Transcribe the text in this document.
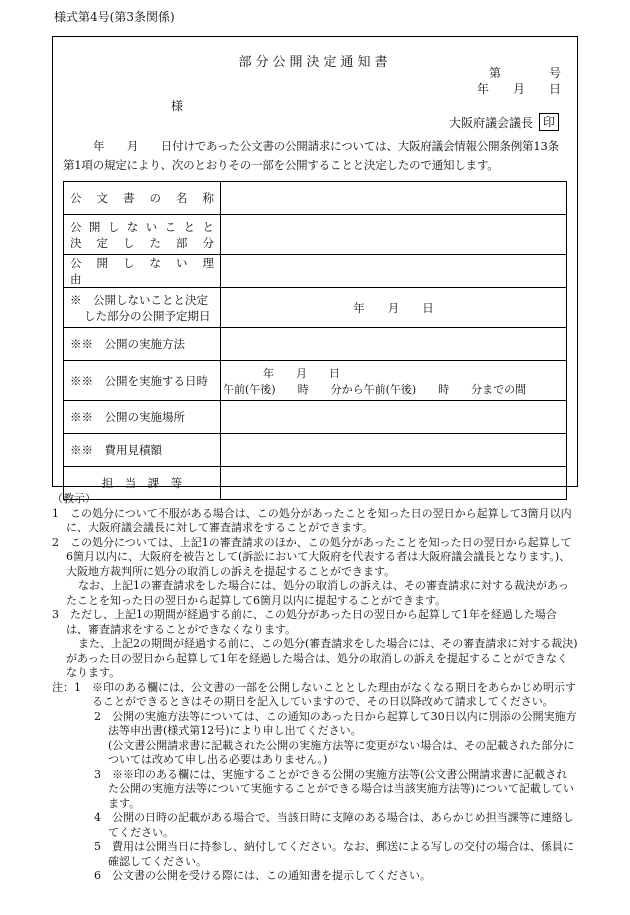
様式第4号(第3条関係)
部分公開決定通知書
第　　　　号
年　　月　　日
様
大阪府議会議長 印

年　　月　　日付けであった公文書の公開請求については、大阪府議会情報公開条例第13条第1項の規定により、次のとおりその一部を公開することと決定したので通知します。

公　文　書　の　名　称	

公開しないことと
決　定　し　た　部　分	

公　開　し　な　い　理　由	

※　公開しないことと決定
した部分の公開予定期日	年　　月　　日
※※　公開の実施方法	
※※　公開を実施する日時	年　　月　　日
午前(午後)　　時　　分から午前(午後)　　時　　分までの間

※※　公開の実施場所	
※※　費用見積額	
担　当　課　等	

（教示）

1　この処分について不服がある場合は、この処分があったことを知った日の翌日から起算して3箇月以内に、大阪府議会議長に対して審査請求をすることができます。

2　この処分については、上記1の審査請求のほか、この処分があったことを知った日の翌日から起算して6箇月以内に、大阪府を被告として(訴訟において大阪府を代表する者は大阪府議会議長となります。)、大阪地方裁判所に処分の取消しの訴えを提起することができます。

なお、上記1の審査請求をした場合には、処分の取消しの訴えは、その審査請求に対する裁決があったことを知った日の翌日から起算して6箇月以内に提起することができます。

3　ただし、上記1の期間が経過する前に、この処分があった日の翌日から起算して1年を経過した場合は、審査請求をすることができなくなります。

また、上記2の期間が経過する前に、この処分(審査請求をした場合には、その審査請求に対する裁決)があった日の翌日から起算して1年を経過した場合は、処分の取消しの訴えを提起することができなくなります。

注：1　※印のある欄には、公文書の一部を公開しないこととした理由がなくなる期日をあらかじめ明示することができるときはその期日を記入していますので、その日以降改めて請求してください。

2　公開の実施方法等については、この通知のあった日から起算して30日以内に別添の公開実施方法等申出書(様式第12号)により申し出てください。

(公文書公開請求書に記載された公開の実施方法等に変更がない場合は、その記載された部分については改めて申し出る必要はありません。)

3　※※印のある欄には、実施することができる公開の実施方法等(公文書公開請求書に記載された公開の実施方法等について実施することができる場合は当該実施方法等)について記載しています。

4　公開の日時の記載がある場合で、当該日時に支障のある場合は、あらかじめ担当課等に連絡してください。

5　費用は公開当日に持参し、納付してください。なお、郵送による写しの交付の場合は、係員に確認してください。

6　公文書の公開を受ける際には、この通知書を提示してください。
